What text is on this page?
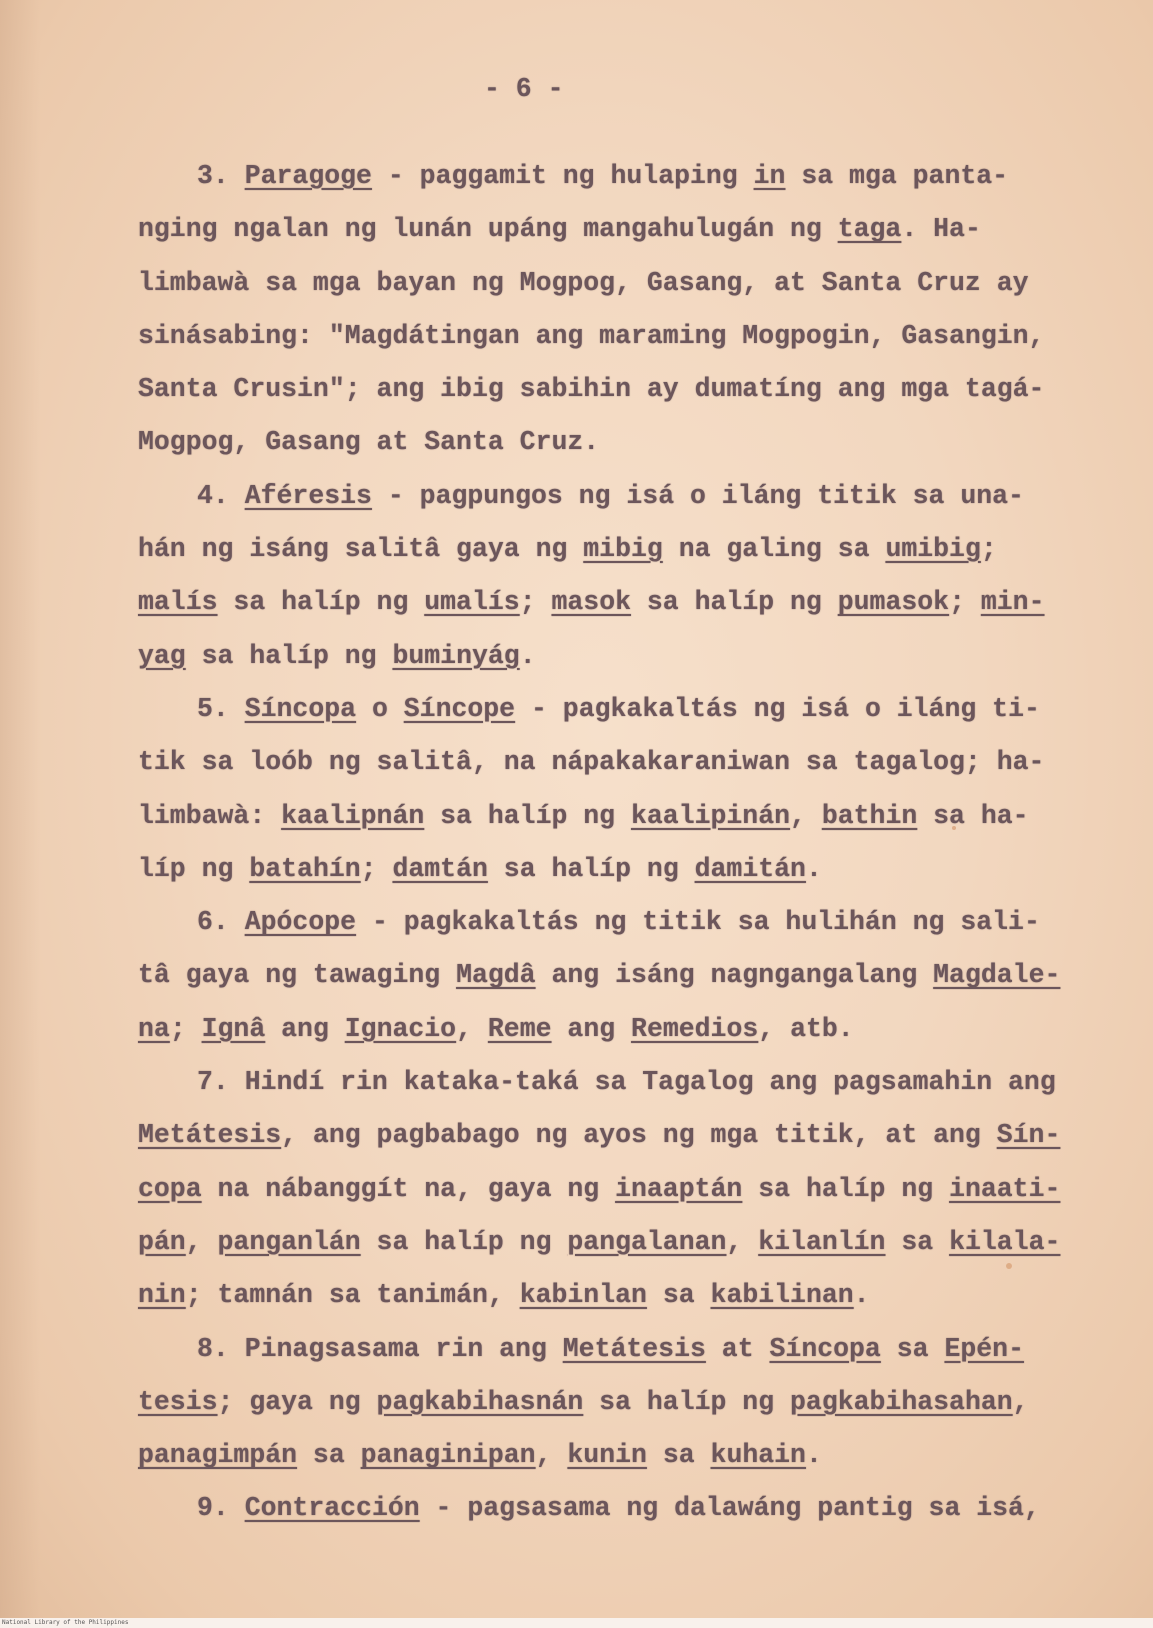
- 6 -
3. Paragoge - paggamit ng hulaping in sa mga panta-
nging ngalan ng lunán upáng mangahulugán ng taga. Ha-
limbawà sa mga bayan ng Mogpog, Gasang, at Santa Cruz ay
sinásabing: "Magdátingan ang maraming Mogpogin, Gasangin,
Santa Crusin"; ang ibig sabihin ay dumatíng ang mga tagá-
Mogpog, Gasang at Santa Cruz.
4. Aféresis - pagpungos ng isá o iláng titik sa una-
hán ng isáng salitâ gaya ng mibig na galing sa umibig;
malís sa halíp ng umalís; masok sa halíp ng pumasok; min-
yag sa halíp ng buminyág.
5. Síncopa o Síncope - pagkakaltás ng isá o iláng ti-
tik sa loób ng salitâ, na nápakakaraniwan sa tagalog; ha-
limbawà: kaalipnán sa halíp ng kaalipinán, bathin sa ha-
líp ng batahín; damtán sa halíp ng damitán.
6. Apócope - pagkakaltás ng titik sa hulihán ng sali-
tâ gaya ng tawaging Magdâ ang isáng nagngangalang Magdale-
na; Ignâ ang Ignacio, Reme ang Remedios, atb.
7. Hindí rin kataka-taká sa Tagalog ang pagsamahin ang
Metátesis, ang pagbabago ng ayos ng mga titik, at ang Sín-
copa na nábanggít na, gaya ng inaaptán sa halíp ng inaati-
pán, panganlán sa halíp ng pangalanan, kilanlín sa kilala-
nin; tamnán sa tanimán, kabinlan sa kabilinan.
8. Pinagsasama rin ang Metátesis at Síncopa sa Epén-
tesis; gaya ng pagkabihasnán sa halíp ng pagkabihasahan,
panagimpán sa panaginipan, kunin sa kuhain.
9. Contracción - pagsasama ng dalawáng pantig sa isá,
National Library of the Philippines
